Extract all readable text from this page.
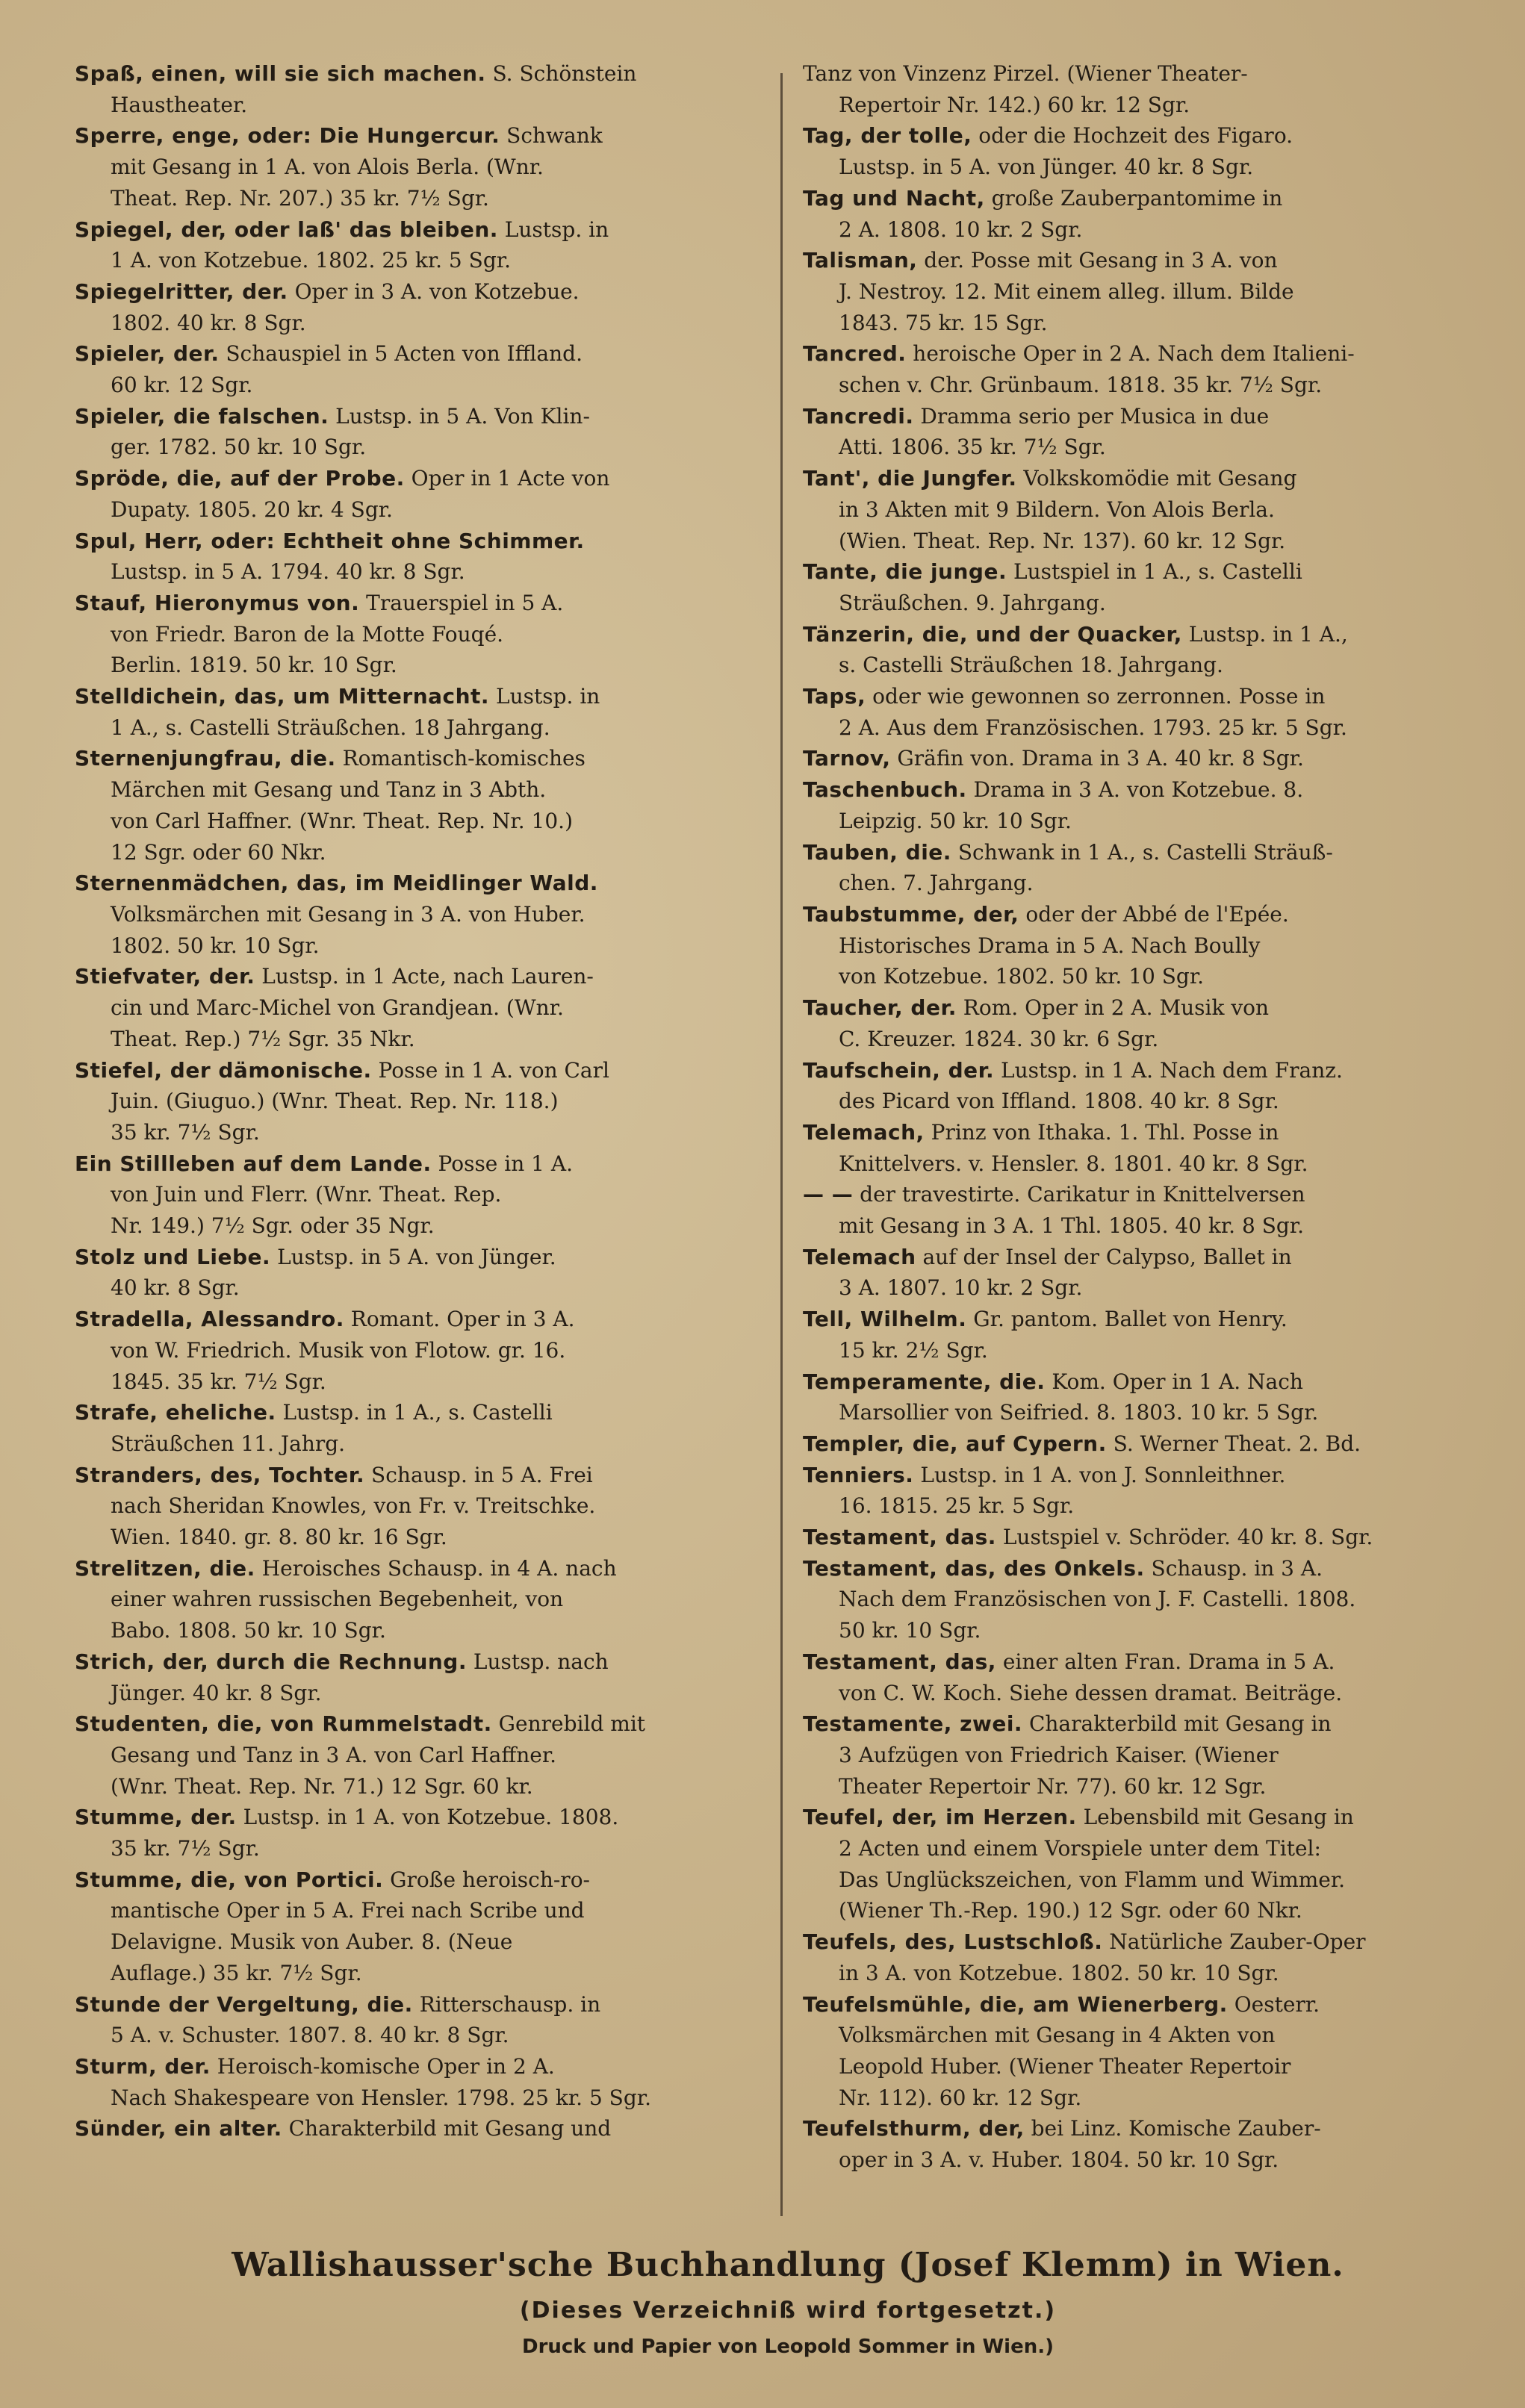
Spaß, einen, will sie sich machen. S. Schönstein
Haustheater.

Sperre, enge, oder: Die Hungercur. Schwank
mit Gesang in 1 A. von Alois Berla. (Wnr.
Theat. Rep. Nr. 207.) 35 kr. 7½ Sgr.

Spiegel, der, oder laß' das bleiben. Lustsp. in
1 A. von Kotzebue. 1802. 25 kr. 5 Sgr.

Spiegelritter, der. Oper in 3 A. von Kotzebue.
1802. 40 kr. 8 Sgr.

Spieler, der. Schauspiel in 5 Acten von Iffland.
60 kr. 12 Sgr.

Spieler, die falschen. Lustsp. in 5 A. Von Klin-
ger. 1782. 50 kr. 10 Sgr.

Spröde, die, auf der Probe. Oper in 1 Acte von
Dupaty. 1805. 20 kr. 4 Sgr.

Spul, Herr, oder: Echtheit ohne Schimmer.
Lustsp. in 5 A. 1794. 40 kr. 8 Sgr.

Stauf, Hieronymus von. Trauerspiel in 5 A.
von Friedr. Baron de la Motte Fouqé.
Berlin. 1819. 50 kr. 10 Sgr.

Stelldichein, das, um Mitternacht. Lustsp. in
1 A., s. Castelli Sträußchen. 18 Jahrgang.

Sternenjungfrau, die. Romantisch-komisches
Märchen mit Gesang und Tanz in 3 Abth.
von Carl Haffner. (Wnr. Theat. Rep. Nr. 10.)
12 Sgr. oder 60 Nkr.

Sternenmädchen, das, im Meidlinger Wald.
Volksmärchen mit Gesang in 3 A. von Huber.
1802. 50 kr. 10 Sgr.

Stiefvater, der. Lustsp. in 1 Acte, nach Lauren-
cin und Marc-Michel von Grandjean. (Wnr.
Theat. Rep.) 7½ Sgr. 35 Nkr.

Stiefel, der dämonische. Posse in 1 A. von Carl
Juin. (Giuguo.) (Wnr. Theat. Rep. Nr. 118.)
35 kr. 7½ Sgr.

Ein Stillleben auf dem Lande. Posse in 1 A.
von Juin und Flerr. (Wnr. Theat. Rep.
Nr. 149.) 7½ Sgr. oder 35 Ngr.

Stolz und Liebe. Lustsp. in 5 A. von Jünger.
40 kr. 8 Sgr.

Stradella, Alessandro. Romant. Oper in 3 A.
von W. Friedrich. Musik von Flotow. gr. 16.
1845. 35 kr. 7½ Sgr.

Strafe, eheliche. Lustsp. in 1 A., s. Castelli
Sträußchen 11. Jahrg.

Stranders, des, Tochter. Schausp. in 5 A. Frei
nach Sheridan Knowles, von Fr. v. Treitschke.
Wien. 1840. gr. 8. 80 kr. 16 Sgr.

Strelitzen, die. Heroisches Schausp. in 4 A. nach
einer wahren russischen Begebenheit, von
Babo. 1808. 50 kr. 10 Sgr.

Strich, der, durch die Rechnung. Lustsp. nach
Jünger. 40 kr. 8 Sgr.

Studenten, die, von Rummelstadt. Genrebild mit
Gesang und Tanz in 3 A. von Carl Haffner.
(Wnr. Theat. Rep. Nr. 71.) 12 Sgr. 60 kr.

Stumme, der. Lustsp. in 1 A. von Kotzebue. 1808.
35 kr. 7½ Sgr.

Stumme, die, von Portici. Große heroisch-ro-
mantische Oper in 5 A. Frei nach Scribe und
Delavigne. Musik von Auber. 8. (Neue
Auflage.) 35 kr. 7½ Sgr.

Stunde der Vergeltung, die. Ritterschausp. in
5 A. v. Schuster. 1807. 8. 40 kr. 8 Sgr.

Sturm, der. Heroisch-komische Oper in 2 A.
Nach Shakespeare von Hensler. 1798. 25 kr. 5 Sgr.

Sünder, ein alter. Charakterbild mit Gesang und

Tanz von Vinzenz Pirzel. (Wiener Theater-
Repertoir Nr. 142.) 60 kr. 12 Sgr.

Tag, der tolle, oder die Hochzeit des Figaro.
Lustsp. in 5 A. von Jünger. 40 kr. 8 Sgr.

Tag und Nacht, große Zauberpantomime in
2 A. 1808. 10 kr. 2 Sgr.

Talisman, der. Posse mit Gesang in 3 A. von
J. Nestroy. 12. Mit einem alleg. illum. Bilde
1843. 75 kr. 15 Sgr.

Tancred. heroische Oper in 2 A. Nach dem Italieni-
schen v. Chr. Grünbaum. 1818. 35 kr. 7½ Sgr.

Tancredi. Dramma serio per Musica in due
Atti. 1806. 35 kr. 7½ Sgr.

Tant', die Jungfer. Volkskomödie mit Gesang
in 3 Akten mit 9 Bildern. Von Alois Berla.
(Wien. Theat. Rep. Nr. 137). 60 kr. 12 Sgr.

Tante, die junge. Lustspiel in 1 A., s. Castelli
Sträußchen. 9. Jahrgang.

Tänzerin, die, und der Quacker, Lustsp. in 1 A.,
s. Castelli Sträußchen 18. Jahrgang.

Taps, oder wie gewonnen so zerronnen. Posse in
2 A. Aus dem Französischen. 1793. 25 kr. 5 Sgr.

Tarnov, Gräfin von. Drama in 3 A. 40 kr. 8 Sgr.

Taschenbuch. Drama in 3 A. von Kotzebue. 8.
Leipzig. 50 kr. 10 Sgr.

Tauben, die. Schwank in 1 A., s. Castelli Sträuß-
chen. 7. Jahrgang.

Taubstumme, der, oder der Abbé de l'Epée.
Historisches Drama in 5 A. Nach Boully
von Kotzebue. 1802. 50 kr. 10 Sgr.

Taucher, der. Rom. Oper in 2 A. Musik von
C. Kreuzer. 1824. 30 kr. 6 Sgr.

Taufschein, der. Lustsp. in 1 A. Nach dem Franz.
des Picard von Iffland. 1808. 40 kr. 8 Sgr.

Telemach, Prinz von Ithaka. 1. Thl. Posse in
Knittelvers. v. Hensler. 8. 1801. 40 kr. 8 Sgr.

— — der travestirte. Carikatur in Knittelversen
mit Gesang in 3 A. 1 Thl. 1805. 40 kr. 8 Sgr.

Telemach auf der Insel der Calypso, Ballet in
3 A. 1807. 10 kr. 2 Sgr.

Tell, Wilhelm. Gr. pantom. Ballet von Henry.
15 kr. 2½ Sgr.

Temperamente, die. Kom. Oper in 1 A. Nach
Marsollier von Seifried. 8. 1803. 10 kr. 5 Sgr.

Templer, die, auf Cypern. S. Werner Theat. 2. Bd.

Tenniers. Lustsp. in 1 A. von J. Sonnleithner.
16. 1815. 25 kr. 5 Sgr.

Testament, das. Lustspiel v. Schröder. 40 kr. 8. Sgr.

Testament, das, des Onkels. Schausp. in 3 A.
Nach dem Französischen von J. F. Castelli. 1808.
50 kr. 10 Sgr.

Testament, das, einer alten Fran. Drama in 5 A.
von C. W. Koch. Siehe dessen dramat. Beiträge.

Testamente, zwei. Charakterbild mit Gesang in
3 Aufzügen von Friedrich Kaiser. (Wiener
Theater Repertoir Nr. 77). 60 kr. 12 Sgr.

Teufel, der, im Herzen. Lebensbild mit Gesang in
2 Acten und einem Vorspiele unter dem Titel:
Das Unglückszeichen, von Flamm und Wimmer.
(Wiener Th.-Rep. 190.) 12 Sgr. oder 60 Nkr.

Teufels, des, Lustschloß. Natürliche Zauber-Oper
in 3 A. von Kotzebue. 1802. 50 kr. 10 Sgr.

Teufelsmühle, die, am Wienerberg. Oesterr.
Volksmärchen mit Gesang in 4 Akten von
Leopold Huber. (Wiener Theater Repertoir
Nr. 112). 60 kr. 12 Sgr.

Teufelsthurm, der, bei Linz. Komische Zauber-
oper in 3 A. v. Huber. 1804. 50 kr. 10 Sgr.

Wallishausser'sche Buchhandlung (Josef Klemm) in Wien.
(Dieses Verzeichniß wird fortgesetzt.)
Druck und Papier von Leopold Sommer in Wien.)
